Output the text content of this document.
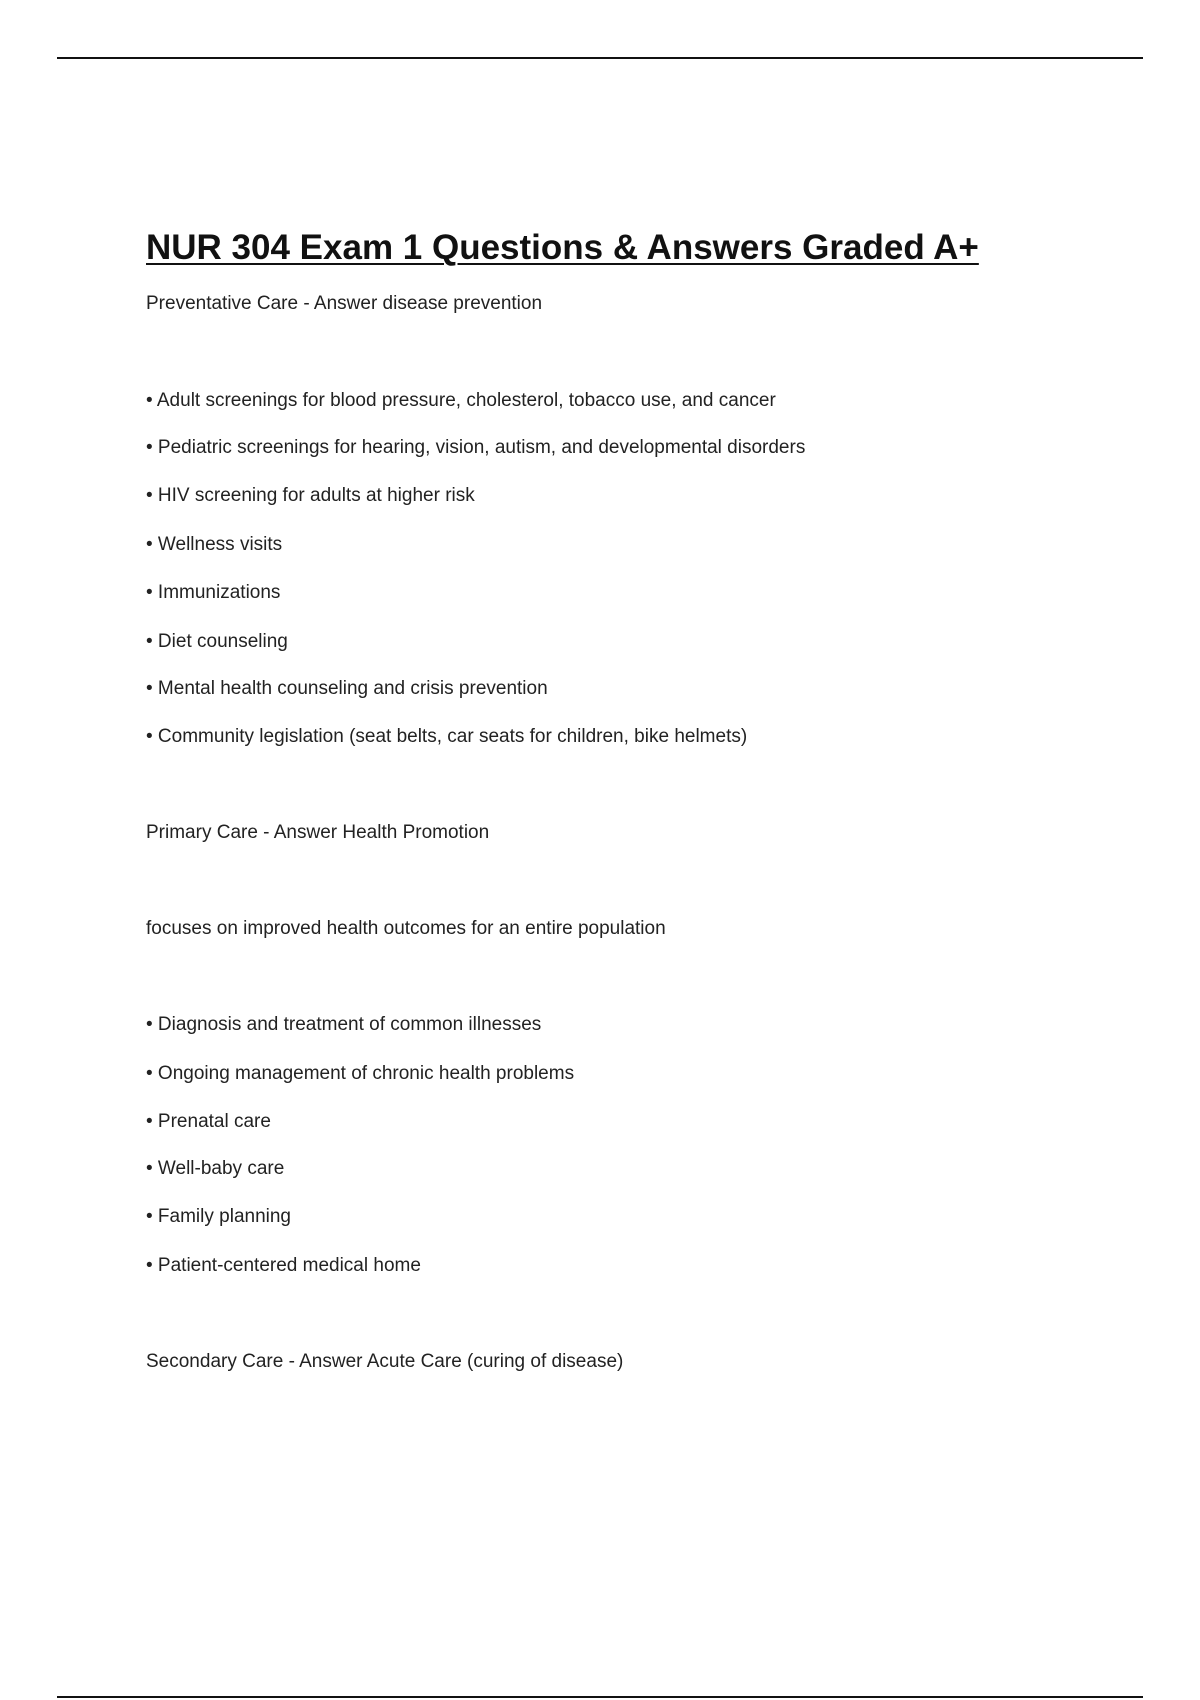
NUR 304 Exam 1 Questions & Answers Graded A+

Preventative Care - Answer disease prevention

• Adult screenings for blood pressure, cholesterol, tobacco use, and cancer

• Pediatric screenings for hearing, vision, autism, and developmental disorders

• HIV screening for adults at higher risk

• Wellness visits

• Immunizations

• Diet counseling

• Mental health counseling and crisis prevention

• Community legislation (seat belts, car seats for children, bike helmets)

Primary Care - Answer Health Promotion

focuses on improved health outcomes for an entire population

• Diagnosis and treatment of common illnesses

• Ongoing management of chronic health problems

• Prenatal care

• Well-baby care

• Family planning

• Patient-centered medical home

Secondary Care - Answer Acute Care (curing of disease)
